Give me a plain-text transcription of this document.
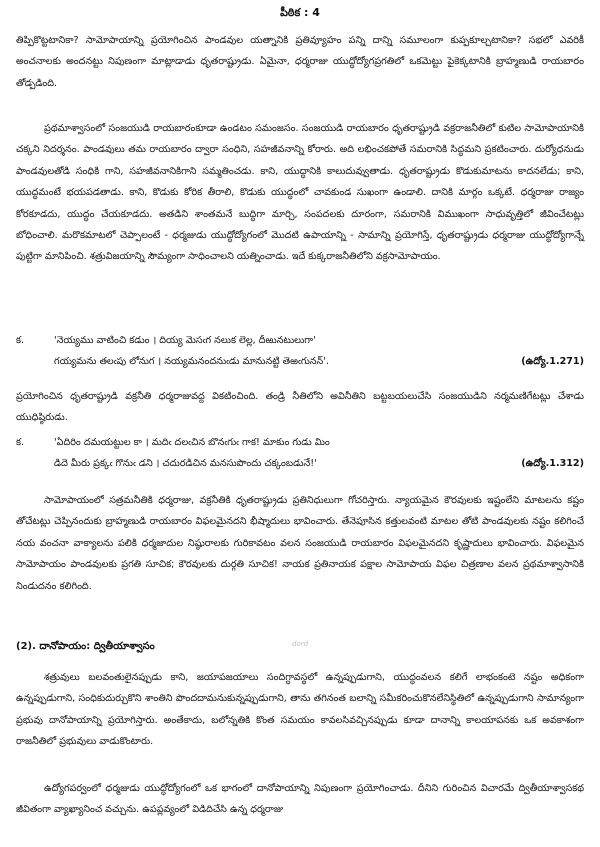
పీఠిక : 4
తిప్పికొట్టటానికా? సామోపాయాన్ని ప్రయోగించిన పాండవుల యత్నానికి ప్రతివ్యూహం పన్ని దాన్ని సమూలంగా కుప్పకూల్చటానికా? సభలో ఎవరికీ అంచనాలకు అందనట్టు నిపుణంగా మాట్లాడాడు ధృతరాష్ట్రుడు. ఏమైనా, ధర్మరాజు యుద్ధోద్యోగప్రగతిలో ఒకమెట్టు పైకెక్కటానికి బ్రాహ్మణుడి రాయబారం తోడ్పడింది.
ప్రథమాశ్వాసంలో సంజయుడి రాయబారంకూడా ఉండటం సమంజసం. సంజయుడి రాయబారం ధృతరాష్ట్రుడి వక్రరాజనీతిలో కుటిల సామోపాయానికి చక్కని నిదర్శనం. పాండవులు తమ రాయబారం ద్వారా సంధిని, సహజీవనాన్ని కోరారు. అది లభించకపోతే సమరానికి సిద్ధమని ప్రకటించారు. దుర్యోధనుడు పాండవులతోడి సంధికి గాని, సహజీవనానికిగాని సమ్మతించడు. కాని, యుద్ధానికి కాలుదువ్వుతాడు. ధృతరాష్ట్రుడు కొడుకుమాటను కాదనలేడు; కాని, యుద్ధమంటే భయపడతాడు. కాని, కొడుకు కోరిక తీరాలి, కొడుకు యుద్ధంలో చావకుండ సుఖంగా ఉండాలి. దానికి మార్గం ఒక్కటే. ధర్మరాజు రాజ్యం కోరకూడదు, యుద్ధం చేయకూడదు. అతడిని శాంతమనే బుద్ధిగా మార్చి, సంపదలకు దూరంగా, సమరానికి విముఖంగా సాధువృత్తిలో జీవించేటట్లు బోధించాలి. మరొకమాటలో చెప్పాలంటే - ధర్మజుడు యుద్ధోద్యోగంలో మొదటి ఉపాయాన్ని - సామాన్ని ప్రయోగిస్తే, ధృతరాష్ట్రుడు ధర్మరాజు యుద్ధోద్యోగాన్నే పుట్టిగా మానిపించి. శత్రువిజయాన్ని సౌమ్యంగా సాధించాలని యత్నించాడు. ఇదే కుక్కరాజనీతిలోని వక్రసామోపాయం.
క.	'నెయ్యము వాటించి కడుం । దియ్య మెసఁగ నలుక లెల్ల, దీఱునటులుగా'
గయ్యమను తలఁపు లోనుగ । నయ్యమనందనుఁడు మానునట్టి తెఱఁగునన్'.	(ఉద్యో.1.271)
ప్రయోగించిన ధృతరాష్ట్రుడి వక్రనీతి ధర్మరాజువద్ద వికటించింది. తండ్రి నీతిలోని అవినీతిని బట్టబయలుచేసి సంజయుడిని నర్మమణిగేటట్లు చేశాడు యుధిష్ఠిరుడు.
క.	'ఏదిరిం దమయట్టుల కా । మదిఁ దలఁచిన బొనఁగుఁ గాక! మాకుం గుడు మిం
డిదె మీరు ప్రక్కఁ గొనుఁ డని । చదురడిచిన మనసుపొందు చక్కంబడునే!'	(ఉద్యో.1.312)
సామోపాయంలో సత్రమనీతికి ధర్మరాజు, వక్రనీతికి ధృతరాష్ట్రుడు ప్రతినిధులుగా గోచరిస్తారు. న్యాయమైన కౌరవులకు ఇష్టంలేని మాటలను కష్టం తోచేటట్లు చెప్పినందుకు బ్రాహ్మణుడి రాయబారం విఫలమైనదని భీష్మాదులు భావించారు. తేనెపూసిన కత్తులవంటి మాటల తోటి పాండవులకు నష్టం కలిగించే నయ వంచనా వాక్యాలను పలికి ధర్మజాదుల నిష్ఠురాలకు గురికావటం వలన సంజయుడి రాయబారం విఫలమైనదని కృష్ణాదులు భావించారు. విఫలమైన సామోపాయం పాండవులకు ప్రగతి సూచిక; కౌరవులకు దుర్గతి సూచిక! నాయక ప్రతినాయక పక్షాల సామోపాయ విఫల చిత్రణాల వలన ప్రథమాశ్వాసానికి నిండుదనం కలిగింది.
(2). దానోపాయం: ద్వితీయాశ్వాసం	dord
శత్రువులు బలవంతులైనప్పుడు కాని, జయాపజయాలు సందిగ్ధావస్థలో ఉన్నప్పుడుగాని, యుద్ధంవలన కలిగే లాభంకంటె నష్టం అధికంగా ఉన్నప్పుడుగాని, సంధికుదుర్చుకొని శాంతిని పొందదామనుకున్నప్పుడుగాని, తాను తగినంత బలాన్ని సమీకరించుకొనలేనిస్థితిలో ఉన్నప్పుడుగాని సామాన్యంగా ప్రభువు దానోపాయాన్ని ప్రయోగిస్తారు. అంతేకాదు, బలోన్నతికి కొంత సమయం కావలసివచ్చినప్పుడు కూడా దానాన్ని కాలయాపనకు ఒక అవకాశంగా రాజనీతిలో ప్రభువులు వాడుకొంటారు.
ఉద్యోగపర్వంలో ధర్మజుడు యుద్ధోద్యోగంలో ఒక భాగంలో దానోపాయాన్ని నిపుణంగా ప్రయోగించాడు. దీనిని గురించిన విచారమే ద్వితీయాశ్వాసకథ జీవితంగా వ్యాఖ్యానించ వచ్చును. ఉపప్లవ్యంలో విడిదిచేసి ఉన్న ధర్మరాజు
